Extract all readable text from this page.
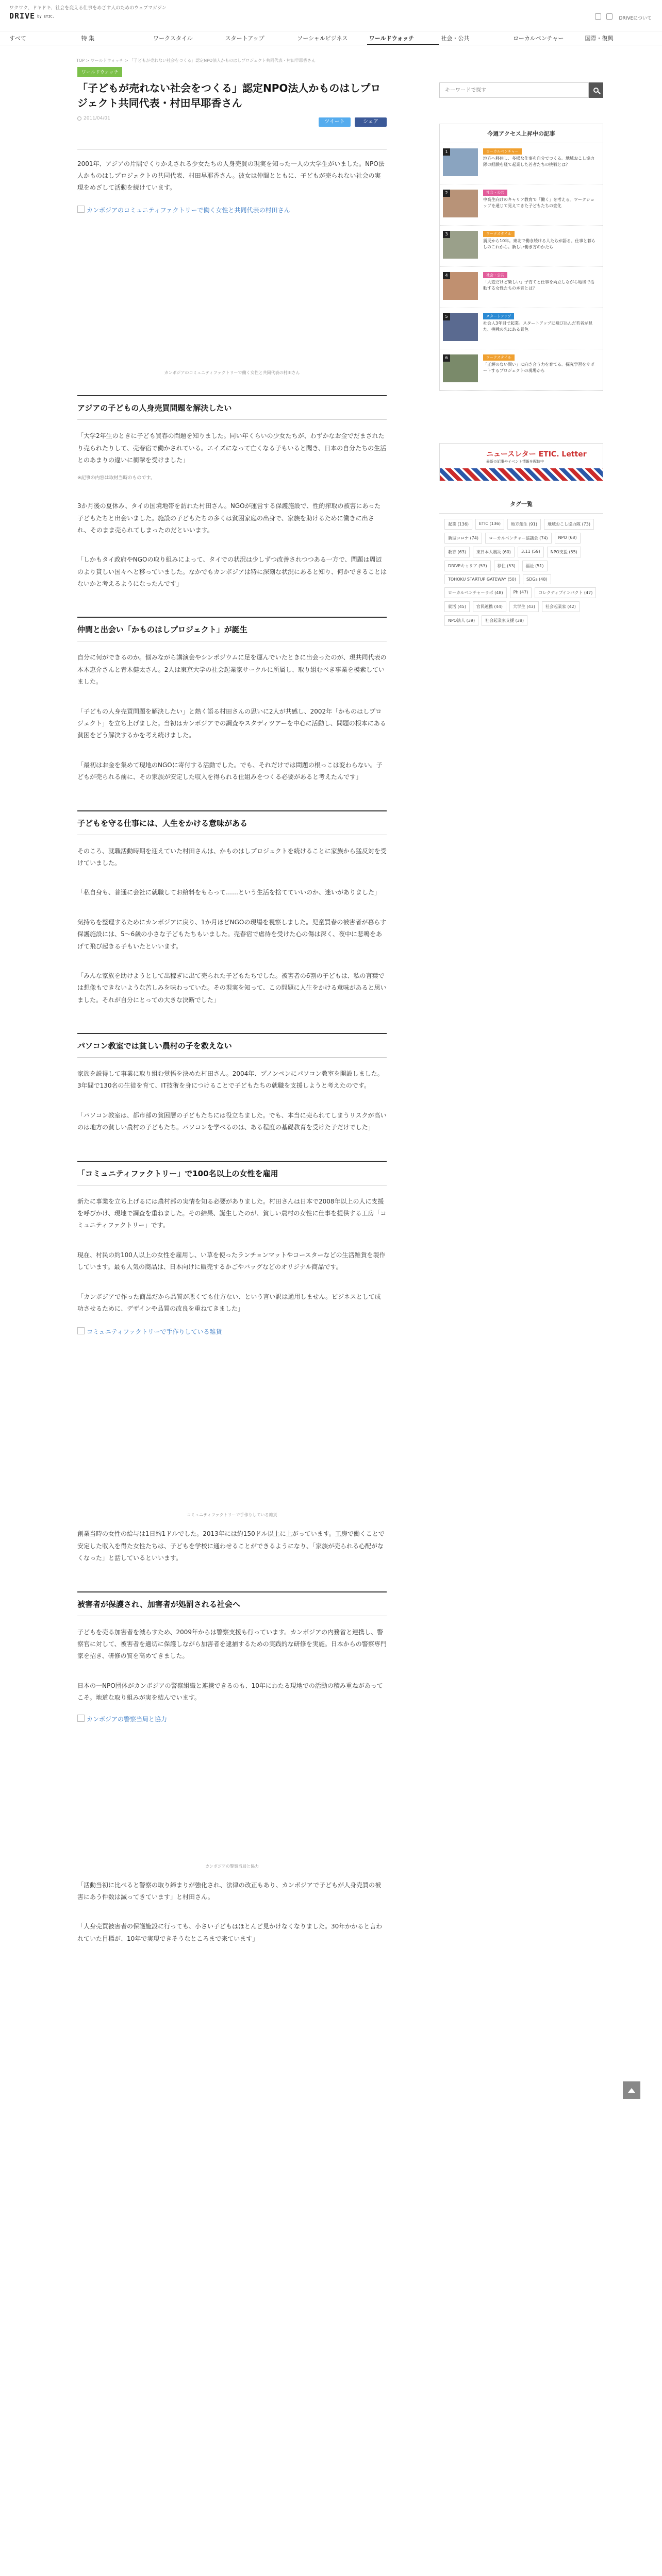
ワクワク、ドキドキ、社会を変える仕事をめざす人のためのウェブマガジン
DRIVE by ETIC.	DRIVEについて
すべて	特 集	ワークスタイル	スタートアップ	ソーシャルビジネス	ワールドウォッチ	社会・公共	ローカルベンチャー	国際・復興
TOP > ワールドウォッチ > 「子どもが売れない社会をつくる」認定NPO法人かものはしプロジェクト共同代表・村田早耶香さん
ワールドウォッチ
「子どもが売れない社会をつくる」認定NPO法人かものはしプロジェクト共同代表・村田早耶香さん
2011/04/01
ツイート	シェア

2001年、アジアの片隅でくりかえされる少女たちの人身売買の現実を知った一人の大学生がいました。NPO法人かものはしプロジェクトの共同代表、村田早耶香さん。彼女は仲間とともに、子どもが売られない社会の実現をめざして活動を続けています。

カンボジアのコミュニティファクトリーで働く女性と共同代表の村田さん
カンボジアのコミュニティファクトリーで働く女性と共同代表の村田さん
アジアの子どもの人身売買問題を解決したい

「大学2年生のときに子ども買春の問題を知りました。同い年くらいの少女たちが、わずかなお金でだまされたり売られたりして、売春宿で働かされている。エイズになって亡くなる子もいると聞き、日本の自分たちの生活とのあまりの違いに衝撃を受けました」

※記事の内容は取材当時のものです。

3か月後の夏休み、タイの国境地帯を訪れた村田さん。NGOが運営する保護施設で、性的搾取の被害にあった子どもたちと出会いました。施設の子どもたちの多くは貧困家庭の出身で、家族を助けるために働きに出され、そのまま売られてしまったのだといいます。

「しかもタイ政府やNGOの取り組みによって、タイでの状況は少しずつ改善されつつある一方で、問題は周辺のより貧しい国々へと移っていました。なかでもカンボジアは特に深刻な状況にあると知り、何かできることはないかと考えるようになったんです」

仲間と出会い「かものはしプロジェクト」が誕生

自分に何ができるのか。悩みながら講演会やシンポジウムに足を運んでいたときに出会ったのが、現共同代表の本木恵介さんと青木健太さん。2人は東京大学の社会起業家サークルに所属し、取り組むべき事業を模索していました。

「子どもの人身売買問題を解決したい」と熱く語る村田さんの思いに2人が共感し、2002年「かものはしプロジェクト」を立ち上げました。当初はカンボジアでの調査やスタディツアーを中心に活動し、問題の根本にある貧困をどう解決するかを考え続けました。

「最初はお金を集めて現地のNGOに寄付する活動でした。でも、それだけでは問題の根っこは変わらない。子どもが売られる前に、その家族が安定した収入を得られる仕組みをつくる必要があると考えたんです」

子どもを守る仕事には、人生をかける意味がある

そのころ、就職活動時期を迎えていた村田さんは、かものはしプロジェクトを続けることに家族から猛反対を受けていました。

「私自身も、普通に会社に就職してお給料をもらって……という生活を捨てていいのか、迷いがありました」

気持ちを整理するためにカンボジアに戻り、1か月ほどNGOの現場を視察しました。児童買春の被害者が暮らす保護施設には、5〜6歳の小さな子どもたちもいました。売春宿で虐待を受けた心の傷は深く、夜中に悲鳴をあげて飛び起きる子もいたといいます。

「みんな家族を助けようとして出稼ぎに出て売られた子どもたちでした。被害者の6割の子どもは、私の言葉では想像もできないような苦しみを味わっていた。その現実を知って、この問題に人生をかける意味があると思いました。それが自分にとっての大きな決断でした」

パソコン教室では貧しい農村の子を救えない

家族を説得して事業に取り組む覚悟を決めた村田さん。2004年、プノンペンにパソコン教室を開設しました。3年間で130名の生徒を育て、IT技術を身につけることで子どもたちの就職を支援しようと考えたのです。

「パソコン教室は、都市部の貧困層の子どもたちには役立ちました。でも、本当に売られてしまうリスクが高いのは地方の貧しい農村の子どもたち。パソコンを学べるのは、ある程度の基礎教育を受けた子だけでした」

「コミュニティファクトリー」で100名以上の女性を雇用

新たに事業を立ち上げるには農村部の実情を知る必要がありました。村田さんは日本で2008年以上の人に支援を呼びかけ、現地で調査を重ねました。その結果、誕生したのが、貧しい農村の女性に仕事を提供する工房「コミュニティファクトリー」です。

現在、村民の約100人以上の女性を雇用し、い草を使ったランチョンマットやコースターなどの生活雑貨を製作しています。最も人気の商品は、日本向けに販売するかごやバッグなどのオリジナル商品です。

「カンボジアで作った商品だから品質が悪くても仕方ない、という言い訳は通用しません。ビジネスとして成功させるために、デザインや品質の改良を重ねてきました」

コミュニティファクトリーで手作りしている雑貨
コミュニティファクトリーで手作りしている雑貨

創業当時の女性の給与は1日約1ドルでした。2013年には約150ドル以上に上がっています。工房で働くことで安定した収入を得た女性たちは、子どもを学校に通わせることができるようになり、「家族が売られる心配がなくなった」と話しているといいます。

被害者が保護され、加害者が処罰される社会へ

子どもを売る加害者を減らすため、2009年からは警察支援も行っています。カンボジアの内務省と連携し、警察官に対して、被害者を適切に保護しながら加害者を逮捕するための実践的な研修を実施。日本からの警察専門家を招き、研修の質を高めてきました。

日本の一NPO団体がカンボジアの警察組織と連携できるのも、10年にわたる現地での活動の積み重ねがあってこそ。地道な取り組みが実を結んでいます。

カンボジアの警察当局と協力
カンボジアの警察当局と協力

「活動当初に比べると警察の取り締まりが強化され、法律の改正もあり、カンボジアで子どもが人身売買の被害にあう件数は減ってきています」と村田さん。

「人身売買被害者の保護施設に行っても、小さい子どもはほとんど見かけなくなりました。30年かかると言われていた目標が、10年で実現できそうなところまで来ています」

キーワードで探す
今週アクセス上昇中の記事
1	ローカルベンチャー
地方へ移住し、多様な仕事を自分でつくる。地域おこし協力隊の経験を経て起業した若者たちの挑戦とは？
2	社会・公共
中高生向けのキャリア教育で「働く」を考える。ワークショップを通じて見えてきた子どもたちの変化
3	ワークスタイル
震災から10年。東北で働き続ける人たちが語る、仕事と暮らしのこれから。新しい働き方のかたち
4	社会・公共
「大変だけど楽しい」子育てと仕事を両立しながら地域で活動する女性たちの本音とは？
5	スタートアップ
社会人3年目で起業。スタートアップに飛び込んだ若者が見た、挑戦の先にある景色
6	ワークスタイル
「正解のない問い」に向き合う力を育てる。探究学習をサポートするプロジェクトの現場から
ニュースレター ETIC. Letter
最新の記事やイベント情報を配信中
タグ一覧
起業 (136)	ETIC (136)	地方創生 (91)	地域おこし協力隊 (73)
新型コロナ (74)	ローカルベンチャー協議会 (74)	NPO (68)
教育 (63)	東日本大震災 (60)	3.11 (59)	NPO支援 (55)
DRIVEキャリア (53)	移住 (53)	福祉 (51)
TOHOKU STARTUP GATEWAY (50)	SDGs (48)
ローカルベンチャーラボ (48)	Ph (47)	コレクティブインパクト (47)
就活 (45)	官民連携 (44)	大学生 (43)	社会起業家 (42)
NPO法人 (39)	社会起業家支援 (38)
